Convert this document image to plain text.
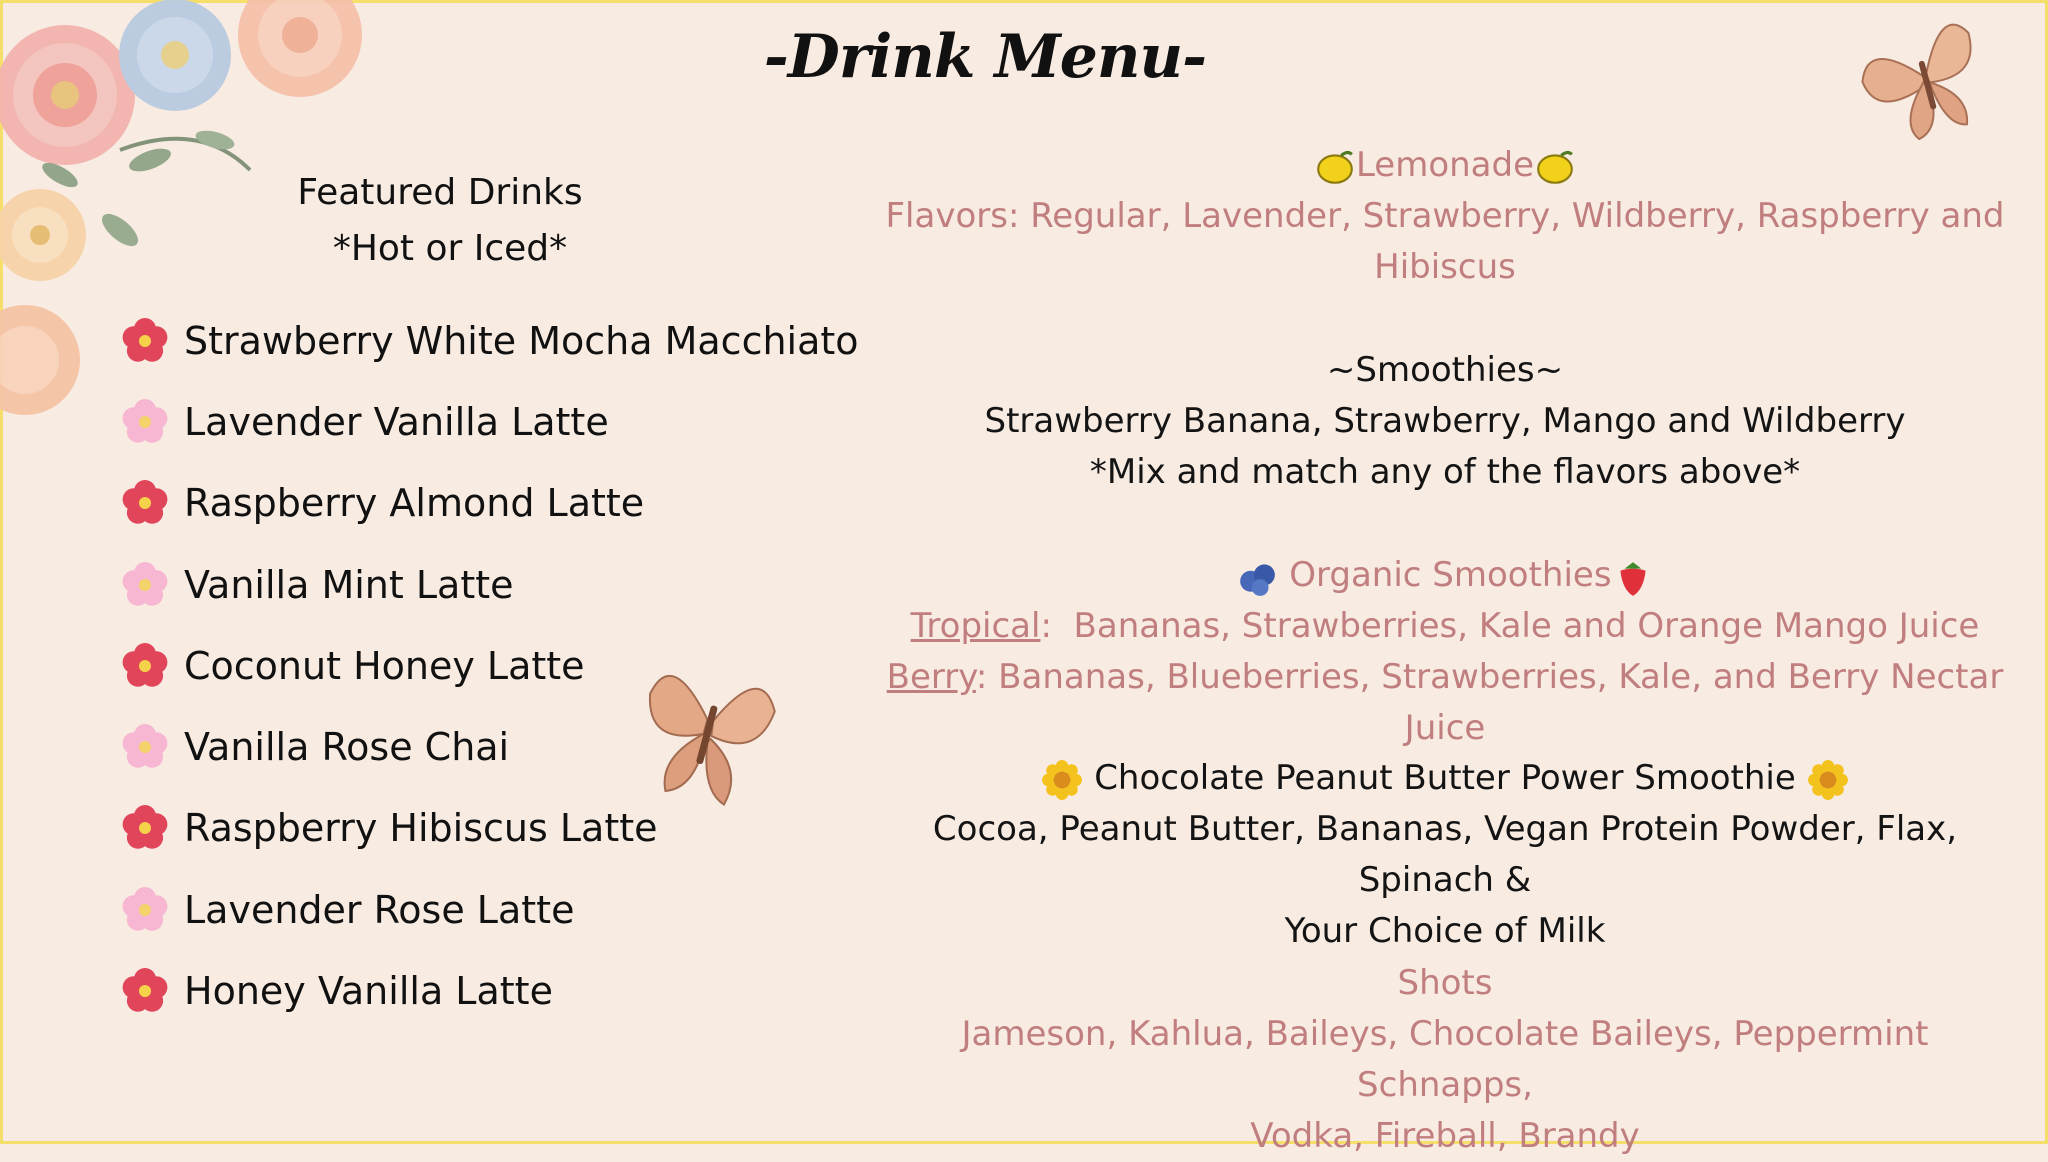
-Drink Menu-
Featured Drinks
*Hot or Iced*
Strawberry White Mocha Macchiato
Lavender Vanilla Latte
Raspberry Almond Latte
Vanilla Mint Latte
Coconut Honey Latte
Vanilla Rose Chai
Raspberry Hibiscus Latte
Lavender Rose Latte
Honey Vanilla Latte
Lemonade
Flavors: Regular, Lavender, Strawberry, Wildberry, Raspberry and
Hibiscus
~Smoothies~
Strawberry Banana, Strawberry, Mango and Wildberry
*Mix and match any of the flavors above*
Organic Smoothies
Tropical:  Bananas, Strawberries, Kale and Orange Mango Juice
Berry: Bananas, Blueberries, Strawberries, Kale, and Berry Nectar Juice
Chocolate Peanut Butter Power Smoothie
Cocoa, Peanut Butter, Bananas, Vegan Protein Powder, Flax, Spinach &
Your Choice of Milk
Shots
Jameson, Kahlua, Baileys, Chocolate Baileys, Peppermint Schnapps,
Vodka, Fireball, Brandy
